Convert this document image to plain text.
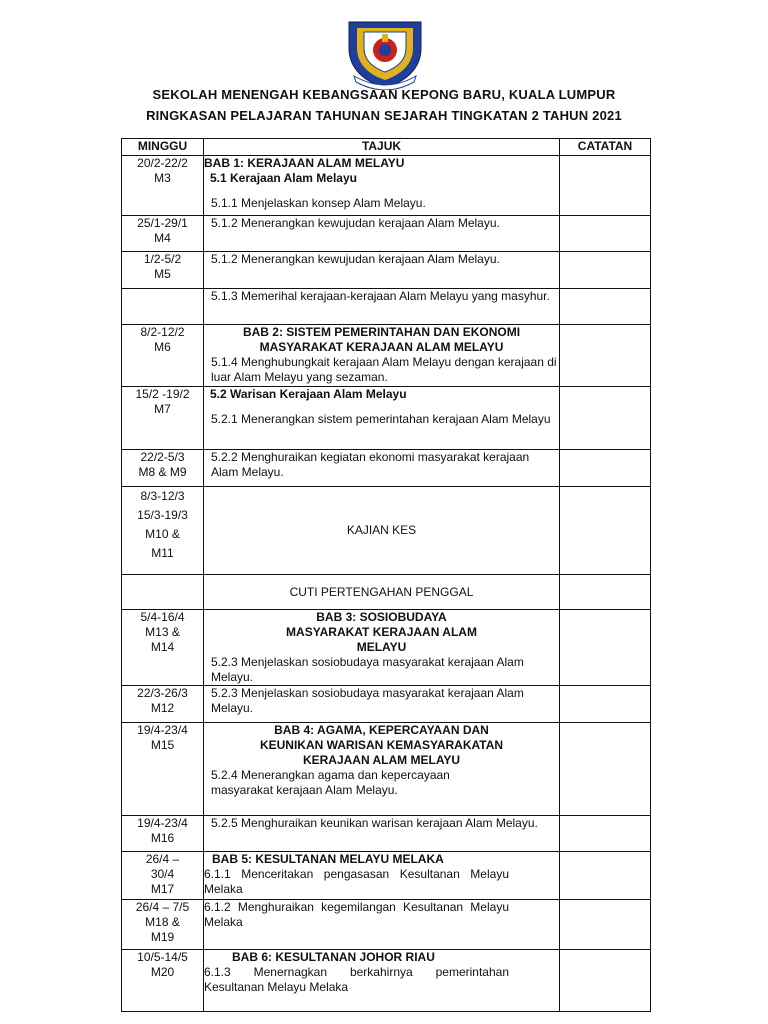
SEKOLAH MENENGAH KEBANGSAAN KEPONG BARU, KUALA LUMPUR
RINGKASAN PELAJARAN TAHUNAN SEJARAH TINGKATAN 2 TAHUN 2021
MINGGU	TAJUK	CATATAN

20/2-22/2
M3	BAB 1: KERAJAAN ALAM MELAYU
5.1 Kerajaan Alam Melayu
5.1.1 Menjelaskan konsep Alam Melayu.	

25/1-29/1
M4	5.1.2 Menerangkan kewujudan kerajaan Alam Melayu.	

1/2-5/2
M5	5.1.2 Menerangkan kewujudan kerajaan Alam Melayu.	

	5.1.3 Memerihal kerajaan-kerajaan Alam Melayu yang masyhur.	

8/2-12/2
M6	BAB 2: SISTEM PEMERINTAHAN DAN EKONOMI MASYARAKAT KERAJAAN ALAM MELAYU
5.1.4 Menghubungkait kerajaan Alam Melayu dengan kerajaan di luar Alam Melayu yang sezaman.	

15/2 -19/2
M7	5.2 Warisan Kerajaan Alam Melayu
5.2.1 Menerangkan sistem pemerintahan kerajaan Alam Melayu	

22/2-5/3
M8 & M9	5.2.2 Menghuraikan kegiatan ekonomi masyarakat kerajaan Alam Melayu.	

8/3-12/3
15/3-19/3
M10 &
M11	KAJIAN KES	

	CUTI PERTENGAHAN PENGGAL	

5/4-16/4
M13 &
M14	BAB 3: SOSIOBUDAYA MASYARAKAT KERAJAAN ALAM MELAYU
5.2.3 Menjelaskan sosiobudaya masyarakat kerajaan Alam Melayu.	

22/3-26/3
M12	5.2.3 Menjelaskan sosiobudaya masyarakat kerajaan Alam Melayu.	

19/4-23/4
M15	BAB 4: AGAMA, KEPERCAYAAN DAN KEUNIKAN WARISAN KEMASYARAKATAN KERAJAAN ALAM MELAYU
5.2.4 Menerangkan agama dan kepercayaan masyarakat kerajaan Alam Melayu.	

19/4-23/4
M16	5.2.5 Menghuraikan keunikan warisan kerajaan Alam Melayu.	

26/4 –
30/4
M17	BAB 5: KESULTANAN MELAYU MELAKA
6.1.1 Menceritakan pengasasan Kesultanan Melayu Melaka	

26/4 – 7/5
M18 &
M19	6.1.2 Menghuraikan kegemilangan Kesultanan Melayu Melaka	

10/5-14/5
M20	BAB 6: KESULTANAN JOHOR RIAU
6.1.3 Menernagkan berkahirnya pemerintahan Kesultanan Melayu Melaka	
